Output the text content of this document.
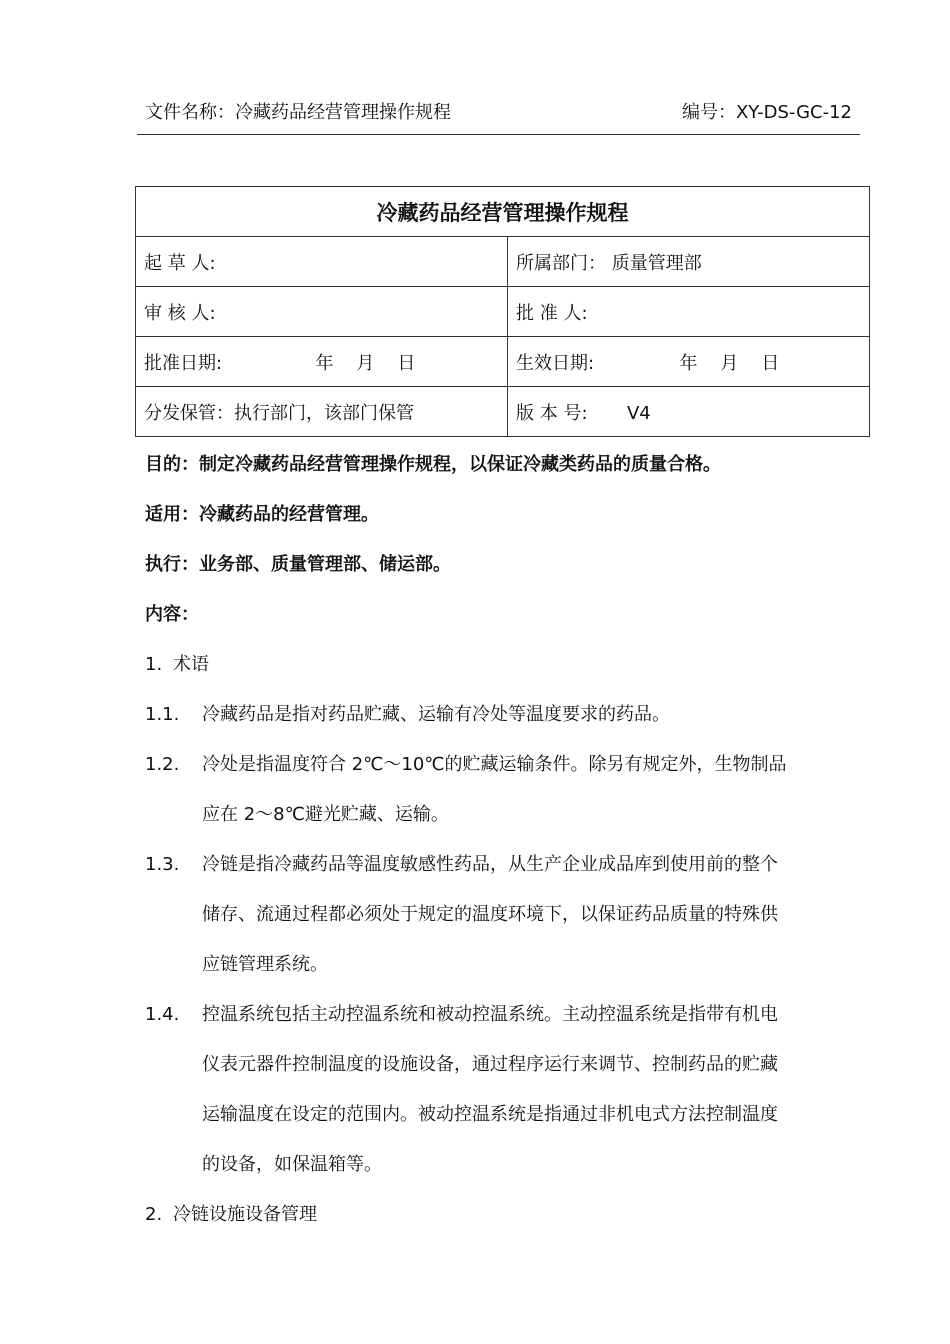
文件名称：冷藏药品经营管理操作规程	编号：XY-DS-GC-12
冷藏药品经营管理操作规程	
起 草 人:	所属部门： 质量管理部
审 核 人:	批 准 人:
批准日期: 年    月    日	生效日期: 年    月    日
分发保管：执行部门，该部门保管	版 本 号: V4
目的：制定冷藏药品经营管理操作规程，以保证冷藏类药品的质量合格。
适用：冷藏药品的经营管理。
执行：业务部、质量管理部、储运部。
内容：
1. 术语
1.1. 冷藏药品是指对药品贮藏、运输有冷处等温度要求的药品。
1.2. 冷处是指温度符合 2℃～10℃的贮藏运输条件。除另有规定外，生物制品
应在 2～8℃避光贮藏、运输。
1.3. 冷链是指冷藏药品等温度敏感性药品，从生产企业成品库到使用前的整个
储存、流通过程都必须处于规定的温度环境下，以保证药品质量的特殊供
应链管理系统。
1.4. 控温系统包括主动控温系统和被动控温系统。主动控温系统是指带有机电
仪表元器件控制温度的设施设备，通过程序运行来调节、控制药品的贮藏
运输温度在设定的范围内。被动控温系统是指通过非机电式方法控制温度
的设备，如保温箱等。
2. 冷链设施设备管理
